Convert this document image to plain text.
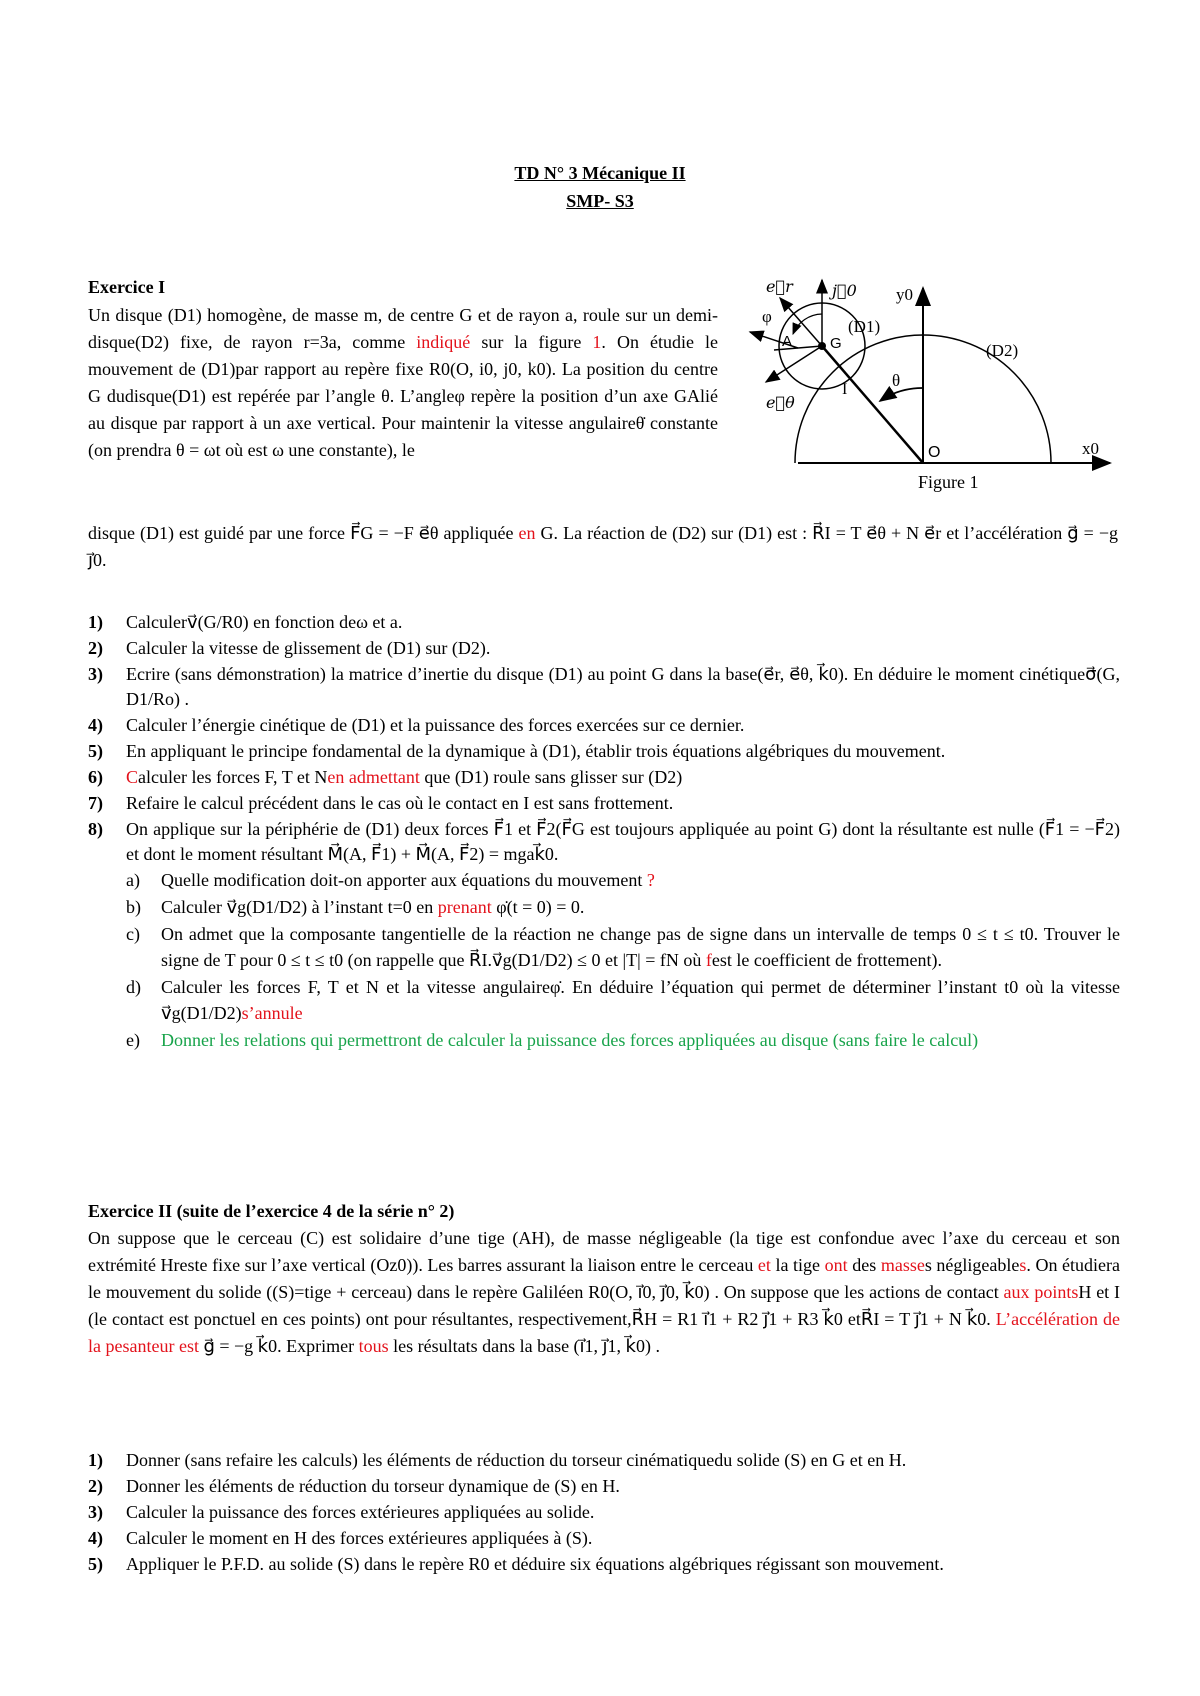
TD N° 3 Mécanique II
SMP- S3
Exercice I
Un disque (D1) homogène, de masse m, de centre G et de rayon a, roule sur un demi-disque(D2) fixe, de rayon r=3a, comme indiqué sur la figure 1. On étudie le mouvement de (D1)par rapport au repère fixe R0(O, i0, j0, k0). La position du centre G dudisque(D1) est repérée par l’angle θ. L’angleφ repère la position d’un axe GAlié au disque par rapport à un axe vertical. Pour maintenir la vitesse angulaireθ̇ constante (on prendra θ = ωt où est ω une constante), le
disque (D1) est guidé par une force F⃗G = −F e⃗θ appliquée en G. La réaction de (D2) sur (D1) est : R⃗I = T e⃗θ + N e⃗r et l’accélération g⃗ = −g j⃗0.
e⃗r j⃗0 y0
φ
A	G
(D1)
(D2)
I	θ
e⃗θ
O	x0
Figure 1
1) Calculerv⃗(G/R0) en fonction deω et a.
2) Calculer la vitesse de glissement de (D1) sur (D2).
3) Ecrire (sans démonstration) la matrice d’inertie du disque (D1) au point G dans la base(e⃗r, e⃗θ, k⃗0). En déduire le moment cinétiqueσ⃗(G, D1/Ro) .
4) Calculer l’énergie cinétique de (D1) et la puissance des forces exercées sur ce dernier.
5) En appliquant le principe fondamental de la dynamique à (D1), établir trois équations algébriques du mouvement.
6) Calculer les forces F, T et Nen admettant que (D1) roule sans glisser sur (D2)
7) Refaire le calcul précédent dans le cas où le contact en I est sans frottement.
8) On applique sur la périphérie de (D1) deux forces F⃗1 et F⃗2(F⃗G est toujours appliquée au point G) dont la résultante est nulle (F⃗1 = −F⃗2) et dont le moment résultant M⃗(A, F⃗1) + M⃗(A, F⃗2) = mgak⃗0.
a) Quelle modification doit-on apporter aux équations du mouvement ?
b) Calculer v⃗g(D1/D2) à l’instant t=0 en prenant φ̇(t = 0) = 0.
c) On admet que la composante tangentielle de la réaction ne change pas de signe dans un intervalle de temps 0 ≤ t ≤ t0. Trouver le signe de T pour 0 ≤ t ≤ t0 (on rappelle que R⃗I.v⃗g(D1/D2) ≤ 0 et |T| = fN où fest le coefficient de frottement).
d) Calculer les forces F, T et N et la vitesse angulaireφ̇. En déduire l’équation qui permet de déterminer l’instant t0 où la vitesse v⃗g(D1/D2)s’annule
e) Donner les relations qui permettront de calculer la puissance des forces appliquées au disque (sans faire le calcul)
Exercice II (suite de l’exercice 4 de la série n° 2)
On suppose que le cerceau (C) est solidaire d’une tige (AH), de masse négligeable (la tige est confondue avec l’axe du cerceau et son extrémité Hreste fixe sur l’axe vertical (Oz0)). Les barres assurant la liaison entre le cerceau et la tige ont des masses négligeables. On étudiera le mouvement du solide ((S)=tige + cerceau) dans le repère Galiléen R0(O, i⃗0, j⃗0, k⃗0) . On suppose que les actions de contact aux pointsH et I (le contact est ponctuel en ces points) ont pour résultantes, respectivement,R⃗H = R1 i⃗1 + R2 j⃗1 + R3 k⃗0 etR⃗I = T j⃗1 + N k⃗0. L’accélération de la pesanteur est g⃗ = −g k⃗0. Exprimer tous les résultats dans la base (i⃗1, j⃗1, k⃗0) .
1) Donner (sans refaire les calculs) les éléments de réduction du torseur cinématiquedu solide (S) en G et en H.
2) Donner les éléments de réduction du torseur dynamique de (S) en H.
3) Calculer la puissance des forces extérieures appliquées au solide.
4) Calculer le moment en H des forces extérieures appliquées à (S).
5) Appliquer le P.F.D. au solide (S) dans le repère R0 et déduire six équations algébriques régissant son mouvement.
